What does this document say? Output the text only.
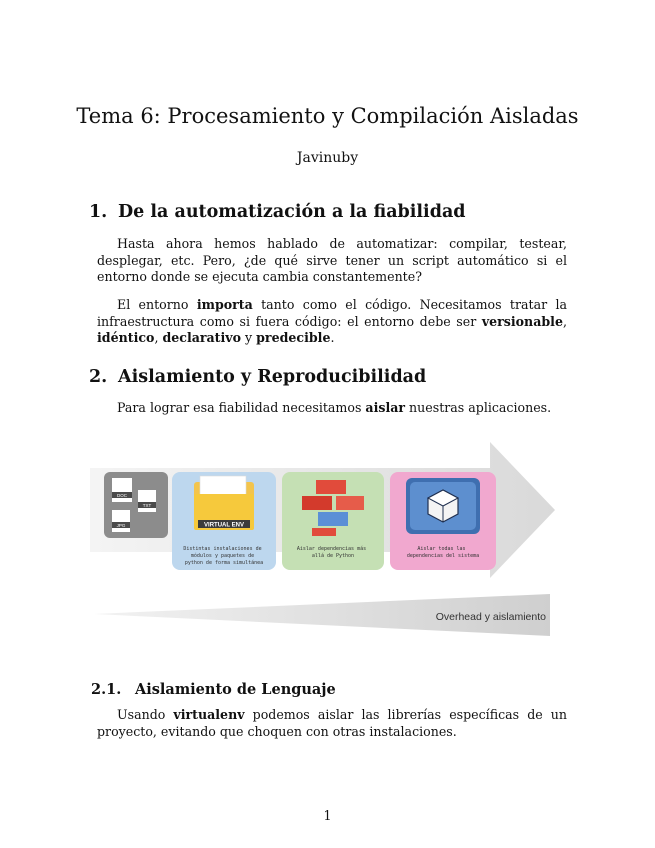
Tema 6: Procesamiento y Compilación Aisladas
Javinuby
1. De la automatización a la fiabilidad
Hasta ahora hemos hablado de automatizar: compilar, testear, desplegar, etc. Pero, ¿de qué sirve tener un script automático si el entorno donde se ejecuta cambia constantemente?
El entorno importa tanto como el código. Necesitamos tratar la infraestructura como si fuera código: el entorno debe ser versionable, idéntico, declarativo y predecible.
2. Aislamiento y Reproducibilidad
Para lograr esa fiabilidad necesitamos aislar nuestras aplicaciones.
DOC
TXT
JPG	VIRTUAL ENV
Distintas instalaciones de módulos y paquetes de python de forma simultánea
Aislar dependencias más allá de Python
Aislar todas las dependencias del sistema
Overhead y aislamiento
2.1. Aislamiento de Lenguaje
Usando virtualenv podemos aislar las librerías específicas de un proyecto, evitando que choquen con otras instalaciones.
1
